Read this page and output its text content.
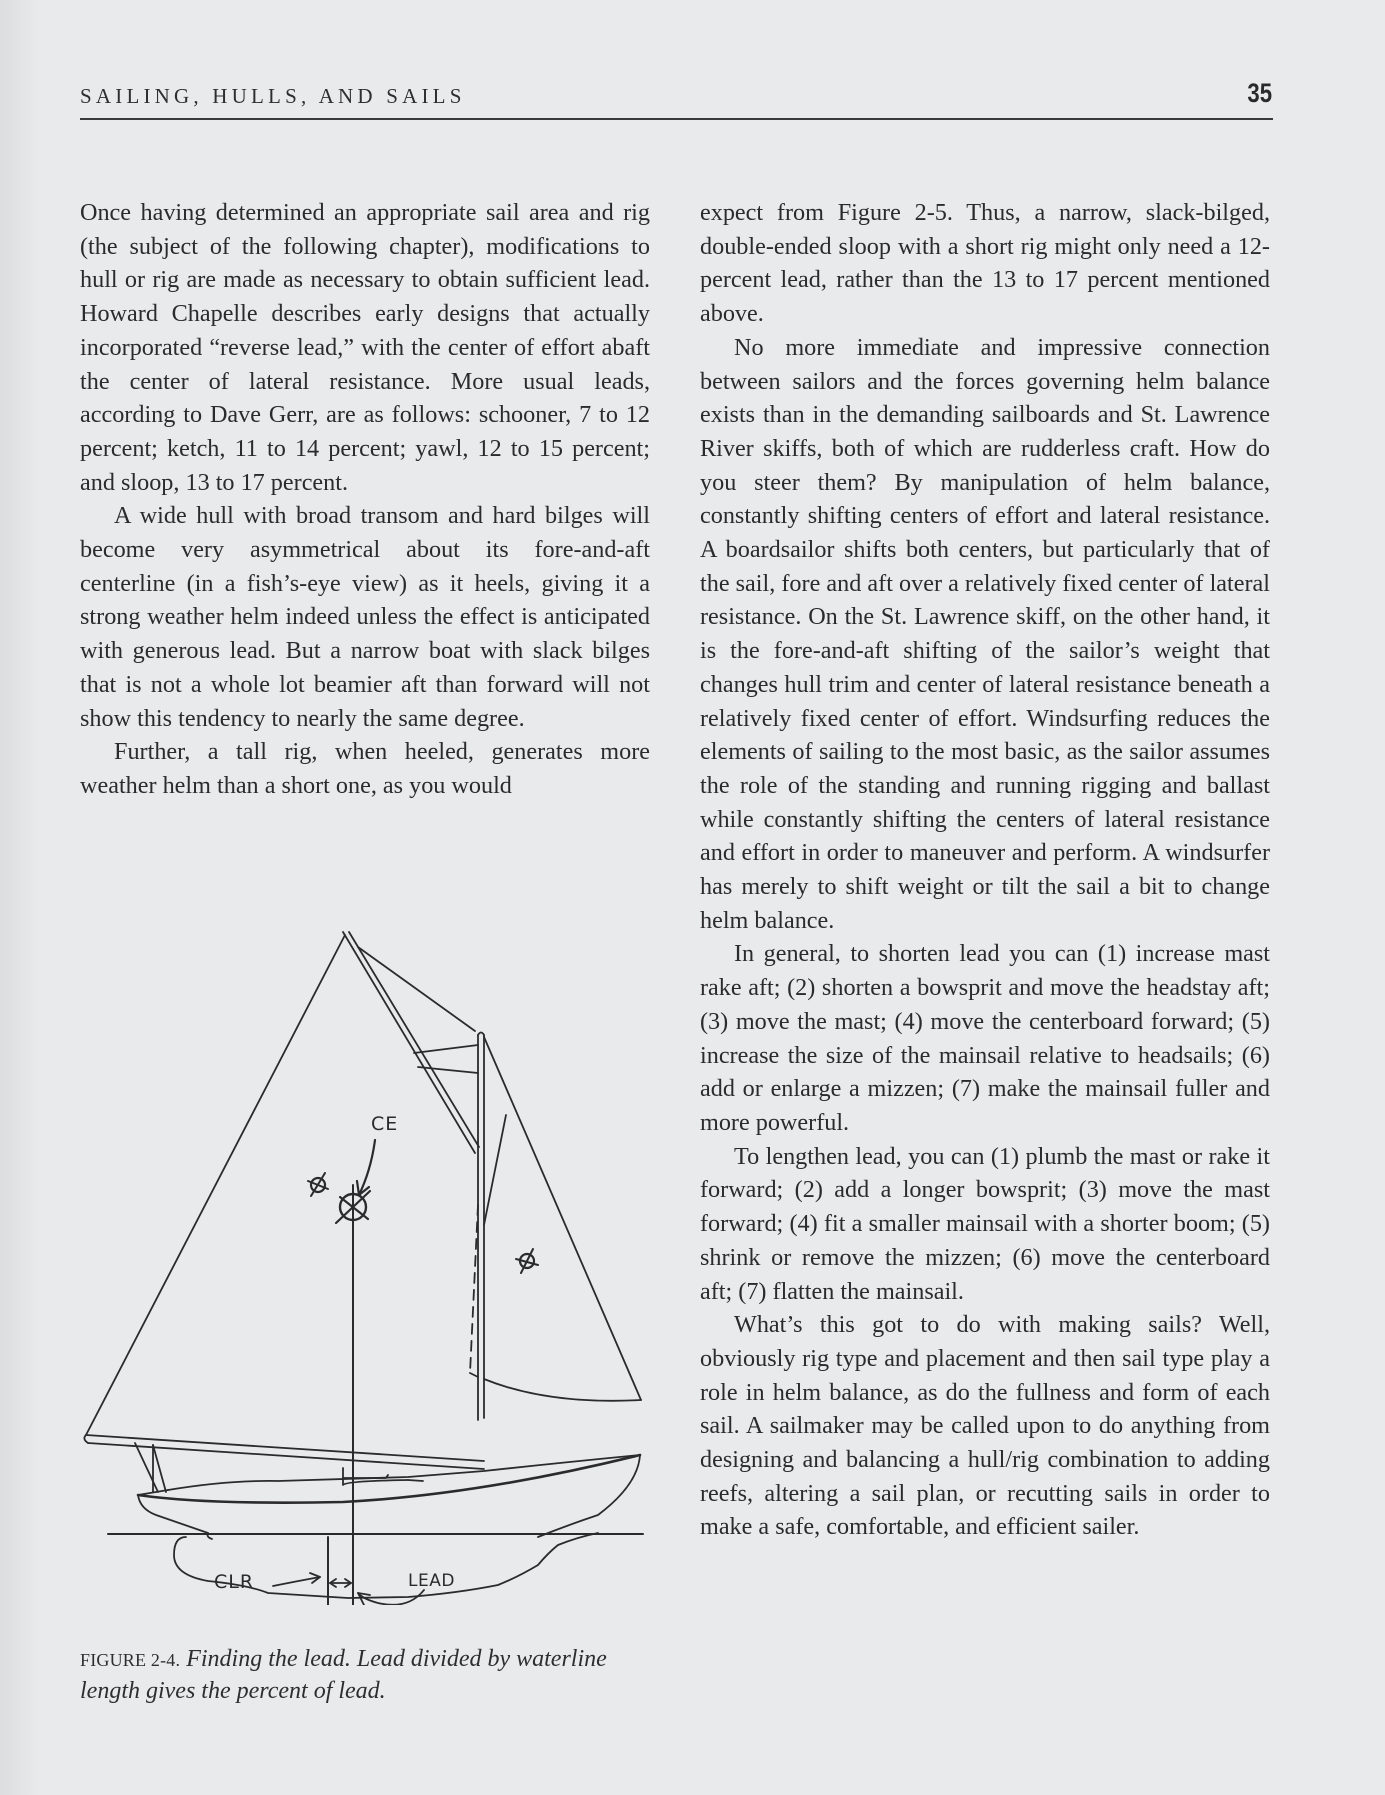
SAILING, HULLS, AND SAILS	35

Once having determined an appropriate sail area and rig (the subject of the following chapter), modifications to hull or rig are made as necessary to obtain sufficient lead. Howard Chapelle describes early designs that actually incorporated “reverse lead,” with the center of effort abaft the center of lateral resistance. More usual leads, according to Dave Gerr, are as follows: schooner, 7 to 12 percent; ketch, 11 to 14 percent; yawl, 12 to 15 percent; and sloop, 13 to 17 percent.

A wide hull with broad transom and hard bilges will become very asymmetrical about its fore-and-aft centerline (in a fish’s-eye view) as it heels, giving it a strong weather helm indeed unless the effect is anticipated with generous lead. But a narrow boat with slack bilges that is not a whole lot beamier aft than forward will not show this tendency to nearly the same degree.

Further, a tall rig, when heeled, generates more weather helm than a short one, as you would

CE
CLR	LEAD
FIGURE 2-4. Finding the lead. Lead divided by waterline length gives the percent of lead.

expect from Figure 2-5. Thus, a narrow, slack-bilged, double-ended sloop with a short rig might only need a 12-percent lead, rather than the 13 to 17 percent mentioned above.

No more immediate and impressive connection between sailors and the forces governing helm balance exists than in the demanding sailboards and St. Lawrence River skiffs, both of which are rudderless craft. How do you steer them? By manipulation of helm balance, constantly shifting centers of effort and lateral resistance. A boardsailor shifts both centers, but particularly that of the sail, fore and aft over a relatively fixed center of lateral resistance. On the St. Lawrence skiff, on the other hand, it is the fore-and-aft shifting of the sailor’s weight that changes hull trim and center of lateral resistance beneath a relatively fixed center of effort. Windsurfing reduces the elements of sailing to the most basic, as the sailor assumes the role of the standing and running rigging and ballast while constantly shifting the centers of lateral resistance and effort in order to maneuver and perform. A windsurfer has merely to shift weight or tilt the sail a bit to change helm balance.

In general, to shorten lead you can (1) increase mast rake aft; (2) shorten a bowsprit and move the headstay aft; (3) move the mast; (4) move the centerboard forward; (5) increase the size of the mainsail relative to headsails; (6) add or enlarge a mizzen; (7) make the mainsail fuller and more powerful.

To lengthen lead, you can (1) plumb the mast or rake it forward; (2) add a longer bowsprit; (3) move the mast forward; (4) fit a smaller mainsail with a shorter boom; (5) shrink or remove the mizzen; (6) move the centerboard aft; (7) flatten the mainsail.

What’s this got to do with making sails? Well, obviously rig type and placement and then sail type play a role in helm balance, as do the fullness and form of each sail. A sailmaker may be called upon to do anything from designing and balancing a hull/rig combination to adding reefs, altering a sail plan, or recutting sails in order to make a safe, comfortable, and efficient sailer.
